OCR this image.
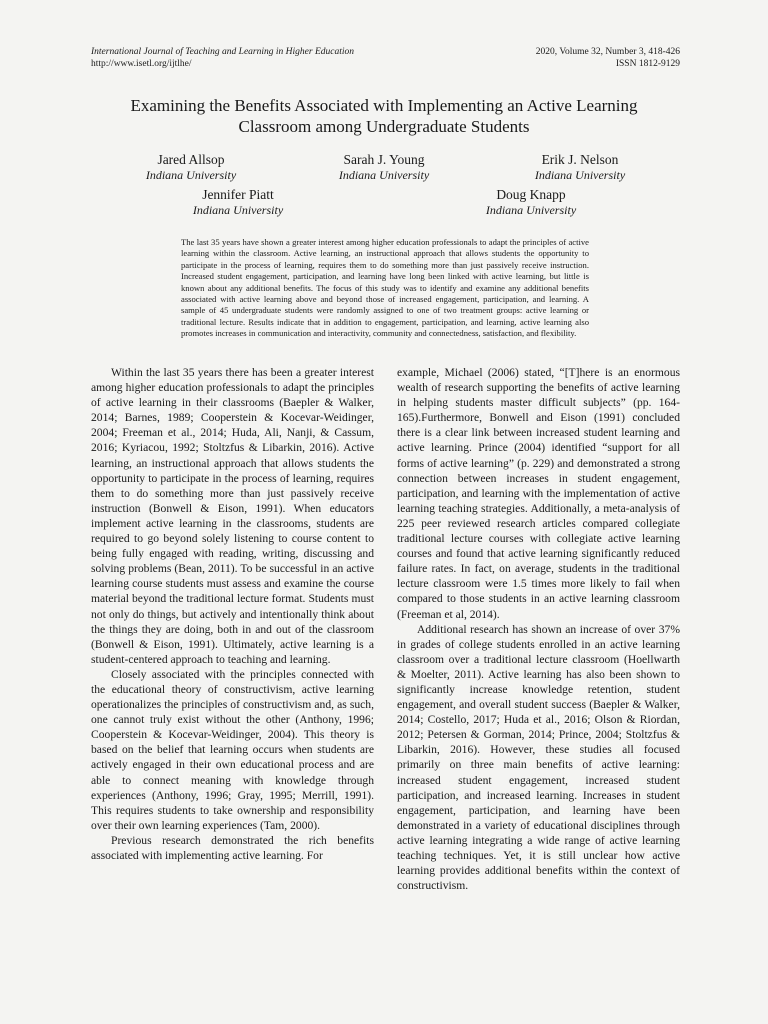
International Journal of Teaching and Learning in Higher Education
http://www.isetl.org/ijtlhe/
2020, Volume 32, Number 3, 418-426
ISSN 1812-9129
Examining the Benefits Associated with Implementing an Active Learning
Classroom among Undergraduate Students
Jared Allsop
Indiana University
Sarah J. Young
Indiana University
Erik J. Nelson
Indiana University
Jennifer Piatt
Indiana University
Doug Knapp
Indiana University

The last 35 years have shown a greater interest among higher education professionals to adapt the principles of active learning within the classroom. Active learning, an instructional approach that allows students the opportunity to participate in the process of learning, requires them to do something more than just passively receive instruction. Increased student engagement, participation, and learning have long been linked with active learning, but little is known about any additional benefits. The focus of this study was to identify and examine any additional benefits associated with active learning above and beyond those of increased engagement, participation, and learning. A sample of 45 undergraduate students were randomly assigned to one of two treatment groups: active learning or traditional lecture. Results indicate that in addition to engagement, participation, and learning, active learning also promotes increases in communication and interactivity, community and connectedness, satisfaction, and flexibility.

Within the last 35 years there has been a greater interest among higher education professionals to adapt the principles of active learning in their classrooms (Baepler & Walker, 2014; Barnes, 1989; Cooperstein & Kocevar-Weidinger, 2004; Freeman et al., 2014; Huda, Ali, Nanji, & Cassum, 2016; Kyriacou, 1992; Stoltzfus & Libarkin, 2016). Active learning, an instructional approach that allows students the opportunity to participate in the process of learning, requires them to do something more than just passively receive instruction (Bonwell & Eison, 1991). When educators implement active learning in the classrooms, students are required to go beyond solely listening to course content to being fully engaged with reading, writing, discussing and solving problems (Bean, 2011). To be successful in an active learning course students must assess and examine the course material beyond the traditional lecture format. Students must not only do things, but actively and intentionally think about the things they are doing, both in and out of the classroom (Bonwell & Eison, 1991). Ultimately, active learning is a student-centered approach to teaching and learning.

Closely associated with the principles connected with the educational theory of constructivism, active learning operationalizes the principles of constructivism and, as such, one cannot truly exist without the other (Anthony, 1996; Cooperstein & Kocevar-Weidinger, 2004). This theory is based on the belief that learning occurs when students are actively engaged in their own educational process and are able to connect meaning with knowledge through experiences (Anthony, 1996; Gray, 1995; Merrill, 1991). This requires students to take ownership and responsibility over their own learning experiences (Tam, 2000).

Previous research demonstrated the rich benefits associated with implementing active learning. For

example, Michael (2006) stated, “[T]here is an enormous wealth of research supporting the benefits of active learning in helping students master difficult subjects” (pp. 164-165).Furthermore, Bonwell and Eison (1991) concluded there is a clear link between increased student learning and active learning. Prince (2004) identified “support for all forms of active learning” (p. 229) and demonstrated a strong connection between increases in student engagement, participation, and learning with the implementation of active learning teaching strategies. Additionally, a meta-analysis of 225 peer reviewed research articles compared collegiate traditional lecture courses with collegiate active learning courses and found that active learning significantly reduced failure rates. In fact, on average, students in the traditional lecture classroom were 1.5 times more likely to fail when compared to those students in an active learning classroom (Freeman et al, 2014).

Additional research has shown an increase of over 37% in grades of college students enrolled in an active learning classroom over a traditional lecture classroom (Hoellwarth & Moelter, 2011). Active learning has also been shown to significantly increase knowledge retention, student engagement, and overall student success (Baepler & Walker, 2014; Costello, 2017; Huda et al., 2016; Olson & Riordan, 2012; Petersen & Gorman, 2014; Prince, 2004; Stoltzfus & Libarkin, 2016). However, these studies all focused primarily on three main benefits of active learning: increased student engagement, increased student participation, and increased learning. Increases in student engagement, participation, and learning have been demonstrated in a variety of educational disciplines through active learning integrating a wide range of active learning teaching techniques. Yet, it is still unclear how active learning provides additional benefits within the context of constructivism.
